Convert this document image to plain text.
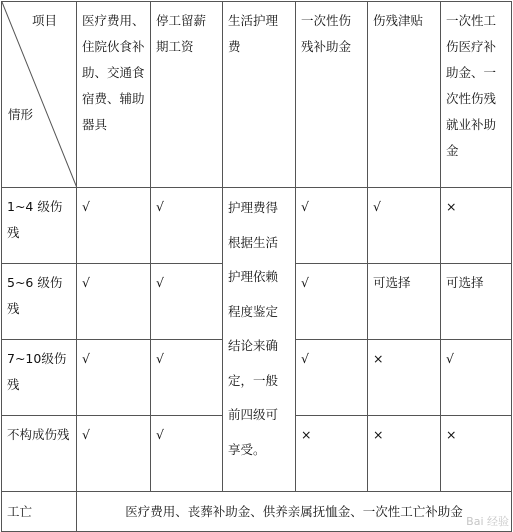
项目
情形	医疗费用、住院伙食补助、交通食宿费、辅助器具	停工留薪期工资	生活护理费	一次性伤残补助金	伤残津贴	一次性工伤医疗补助金、一次性伤残就业补助金
1~4 级伤残	√	√	护理费得根据生活护理依赖程度鉴定结论来确定，一般前四级可享受。	√	√	×
5~6 级伤残	√	√		√	可选择	可选择
7~10级伤残	√	√		√	×	√
不构成伤残	√	√		×	×	×
工亡	医疗费用、丧葬补助金、供养亲属抚恤金、一次性工亡补助金					
Bai 经验
